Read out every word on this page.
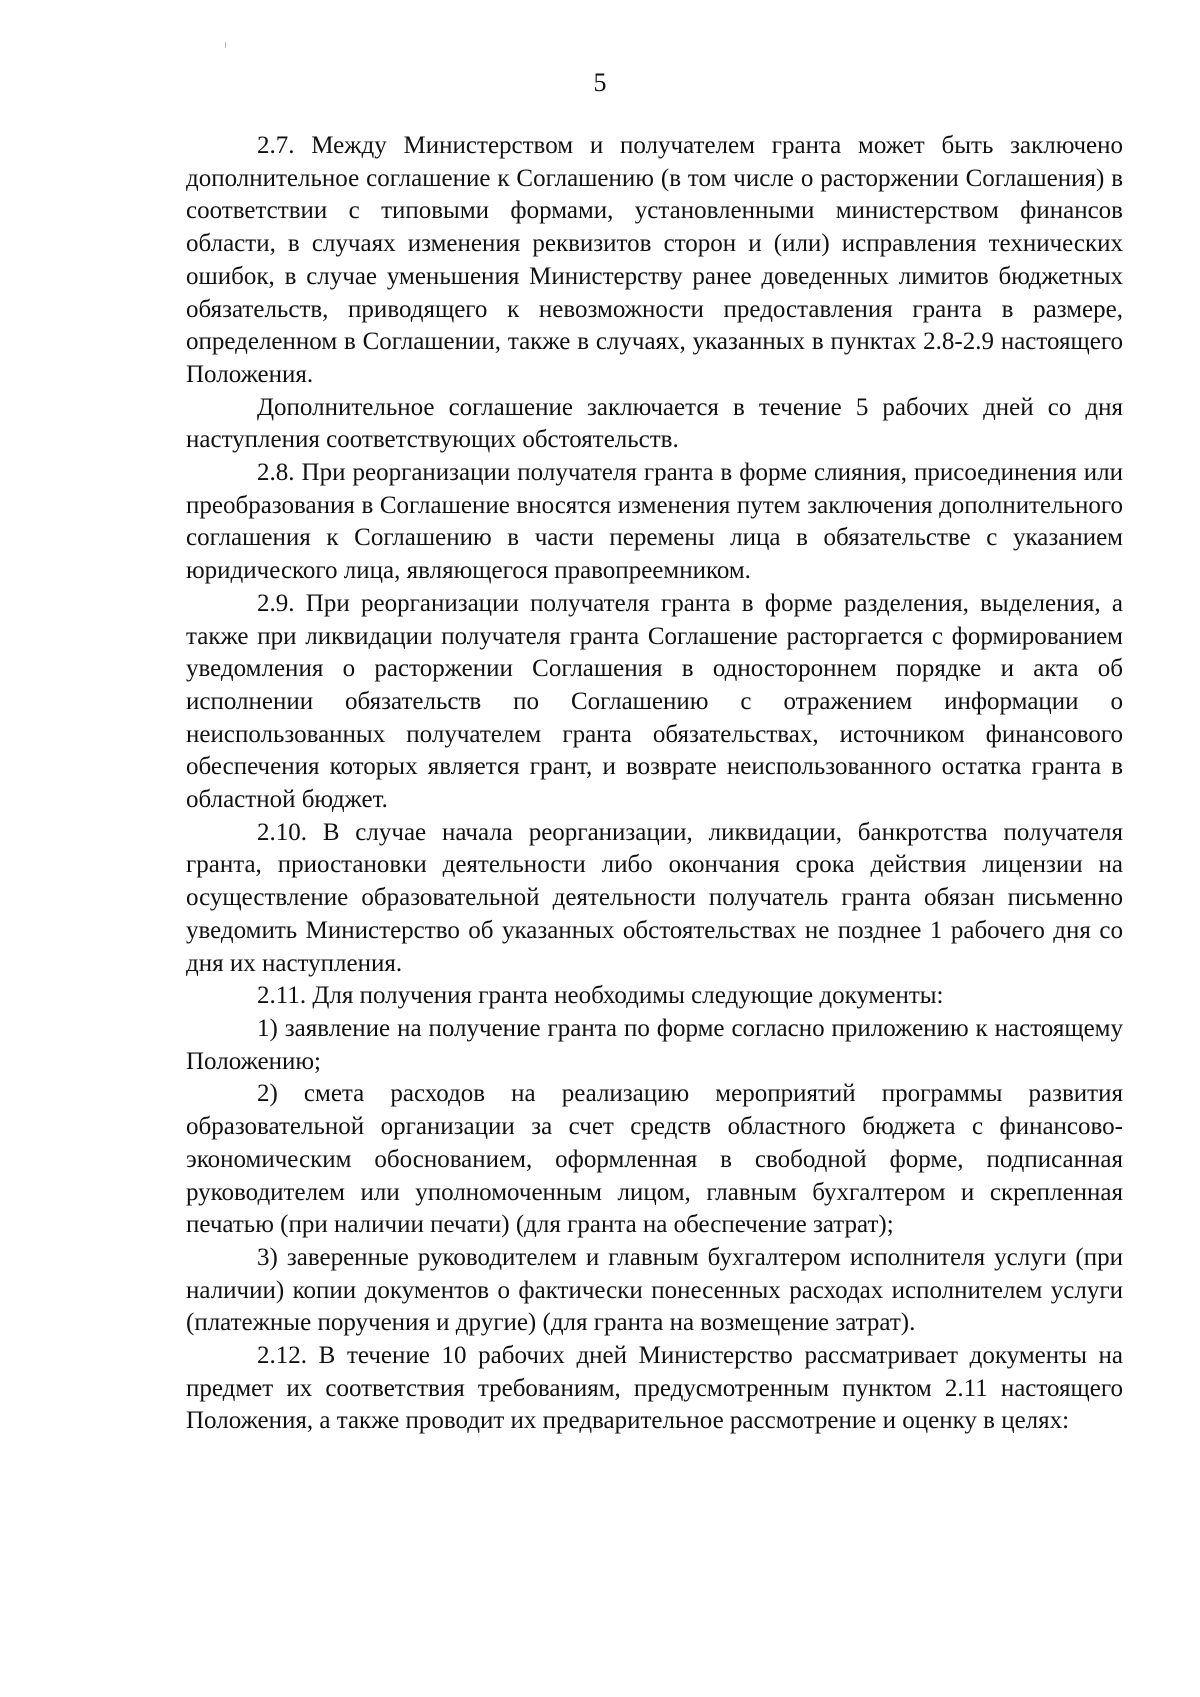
5

2.7. Между Министерством и получателем гранта может быть заключено дополнительное соглашение к Соглашению (в том числе о расторжении Соглашения) в соответствии с типовыми формами, установленными министерством финансов области, в случаях изменения реквизитов сторон и (или) исправления технических ошибок, в случае уменьшения Министерству ранее доведенных лимитов бюджетных обязательств, приводящего к невозможности предоставления гранта в размере, определенном в Соглашении, также в случаях, указанных в пунктах 2.8-2.9 настоящего Положения.

Дополнительное соглашение заключается в течение 5 рабочих дней со дня наступления соответствующих обстоятельств.

2.8. При реорганизации получателя гранта в форме слияния, присоединения или преобразования в Соглашение вносятся изменения путем заключения дополнительного соглашения к Соглашению в части перемены лица в обязательстве с указанием юридического лица, являющегося правопреемником.

2.9. При реорганизации получателя гранта в форме разделения, выделения, а также при ликвидации получателя гранта Соглашение расторгается с формированием уведомления о расторжении Соглашения в одностороннем порядке и акта об исполнении обязательств по Соглашению с отражением информации о неиспользованных получателем гранта обязательствах, источником финансового обеспечения которых является грант, и возврате неиспользованного остатка гранта в областной бюджет.

2.10. В случае начала реорганизации, ликвидации, банкротства получателя гранта, приостановки деятельности либо окончания срока действия лицензии на осуществление образовательной деятельности получатель гранта обязан письменно уведомить Министерство об указанных обстоятельствах не позднее 1 рабочего дня со дня их наступления.

2.11. Для получения гранта необходимы следующие документы:

1) заявление на получение гранта по форме согласно приложению к настоящему Положению;

2) смета расходов на реализацию мероприятий программы развития образовательной организации за счет средств областного бюджета с финансово-экономическим обоснованием, оформленная в свободной форме, подписанная руководителем или уполномоченным лицом, главным бухгалтером и скрепленная печатью (при наличии печати) (для гранта на обеспечение затрат);

3) заверенные руководителем и главным бухгалтером исполнителя услуги (при наличии) копии документов о фактически понесенных расходах исполнителем услуги (платежные поручения и другие) (для гранта на возмещение затрат).

2.12. В течение 10 рабочих дней Министерство рассматривает документы на предмет их соответствия требованиям, предусмотренным пунктом 2.11 настоящего Положения, а также проводит их предварительное рассмотрение и оценку в целях:
